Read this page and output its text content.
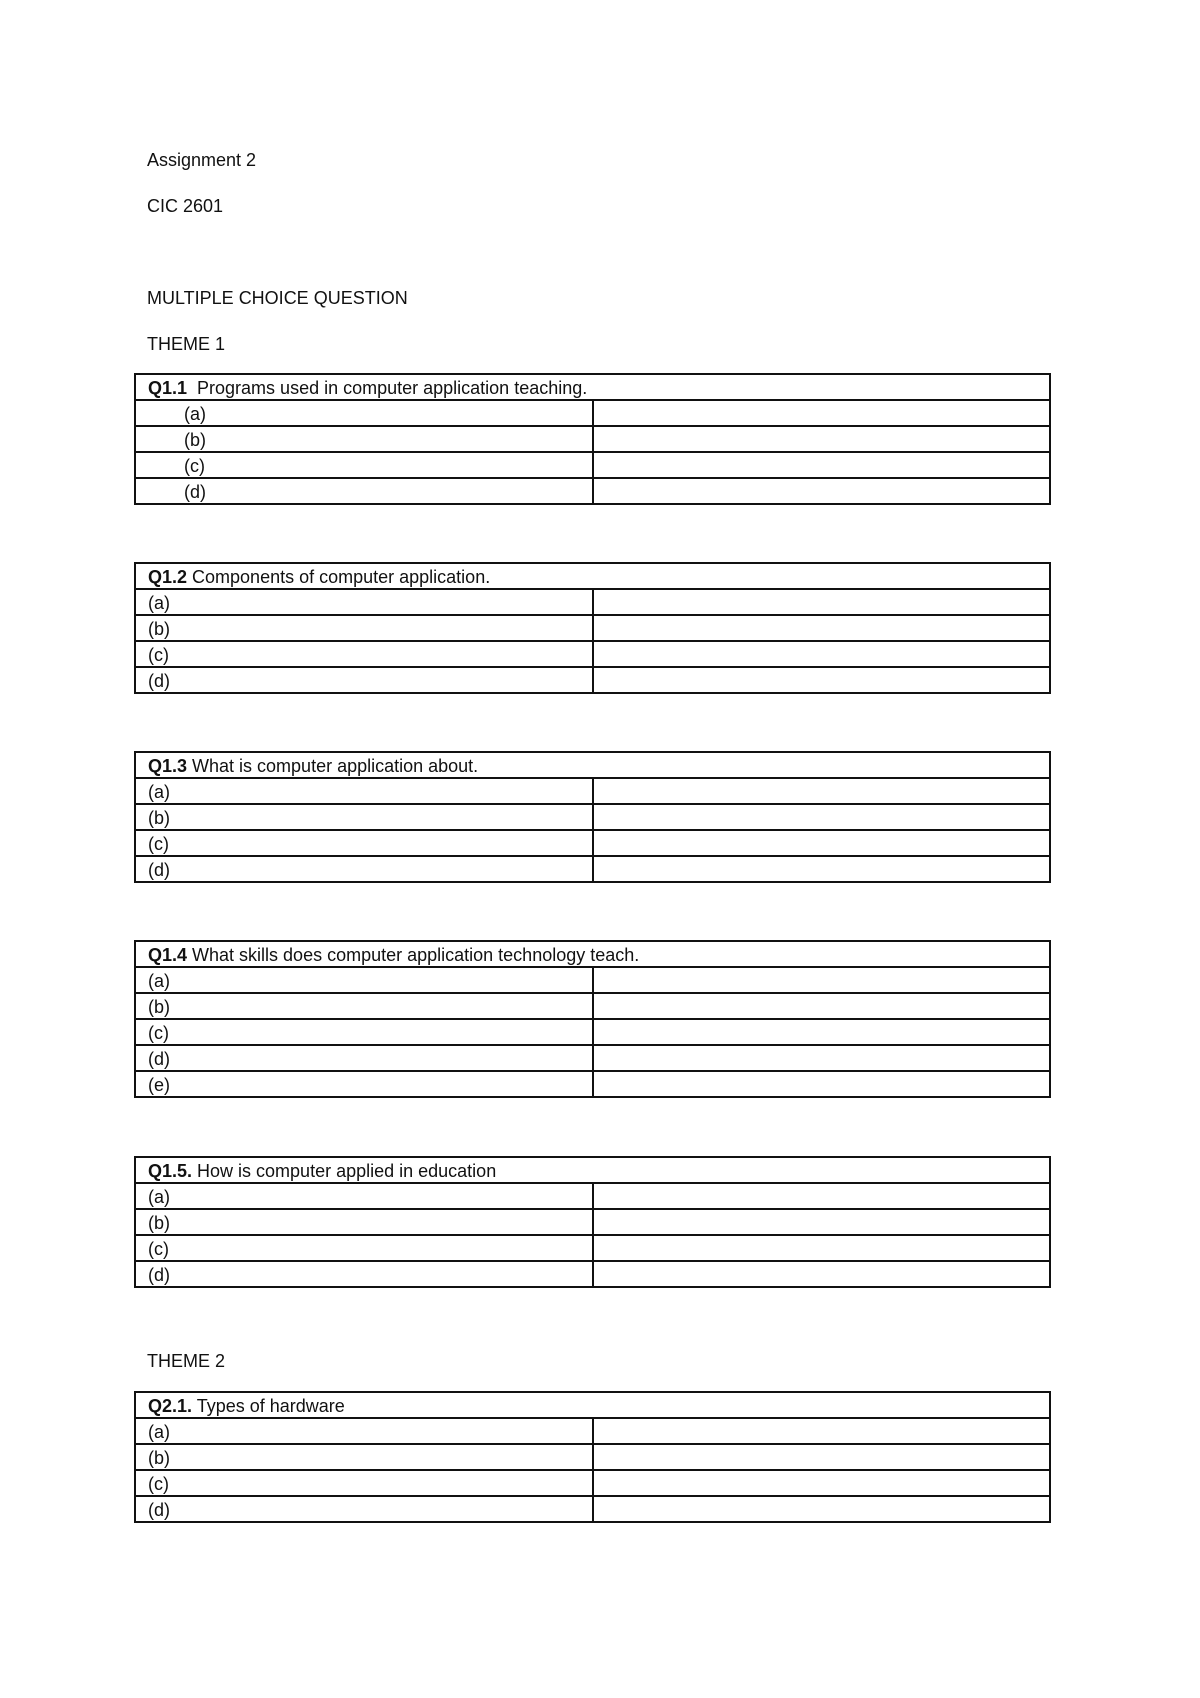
Assignment 2
CIC 2601
MULTIPLE CHOICE QUESTION
THEME 1
Q1.1  Programs used in computer application teaching.	
(a)	
(b)	
(c)	
(d)	
Q1.2 Components of computer application.	
(a)	
(b)	
(c)	
(d)	
Q1.3 What is computer application about.	
(a)	
(b)	
(c)	
(d)	
Q1.4 What skills does computer application technology teach.	
(a)	
(b)	
(c)	
(d)	
(e)	
Q1.5. How is computer applied in education	
(a)	
(b)	
(c)	
(d)	
THEME 2
Q2.1. Types of hardware	
(a)	
(b)	
(c)	
(d)	
